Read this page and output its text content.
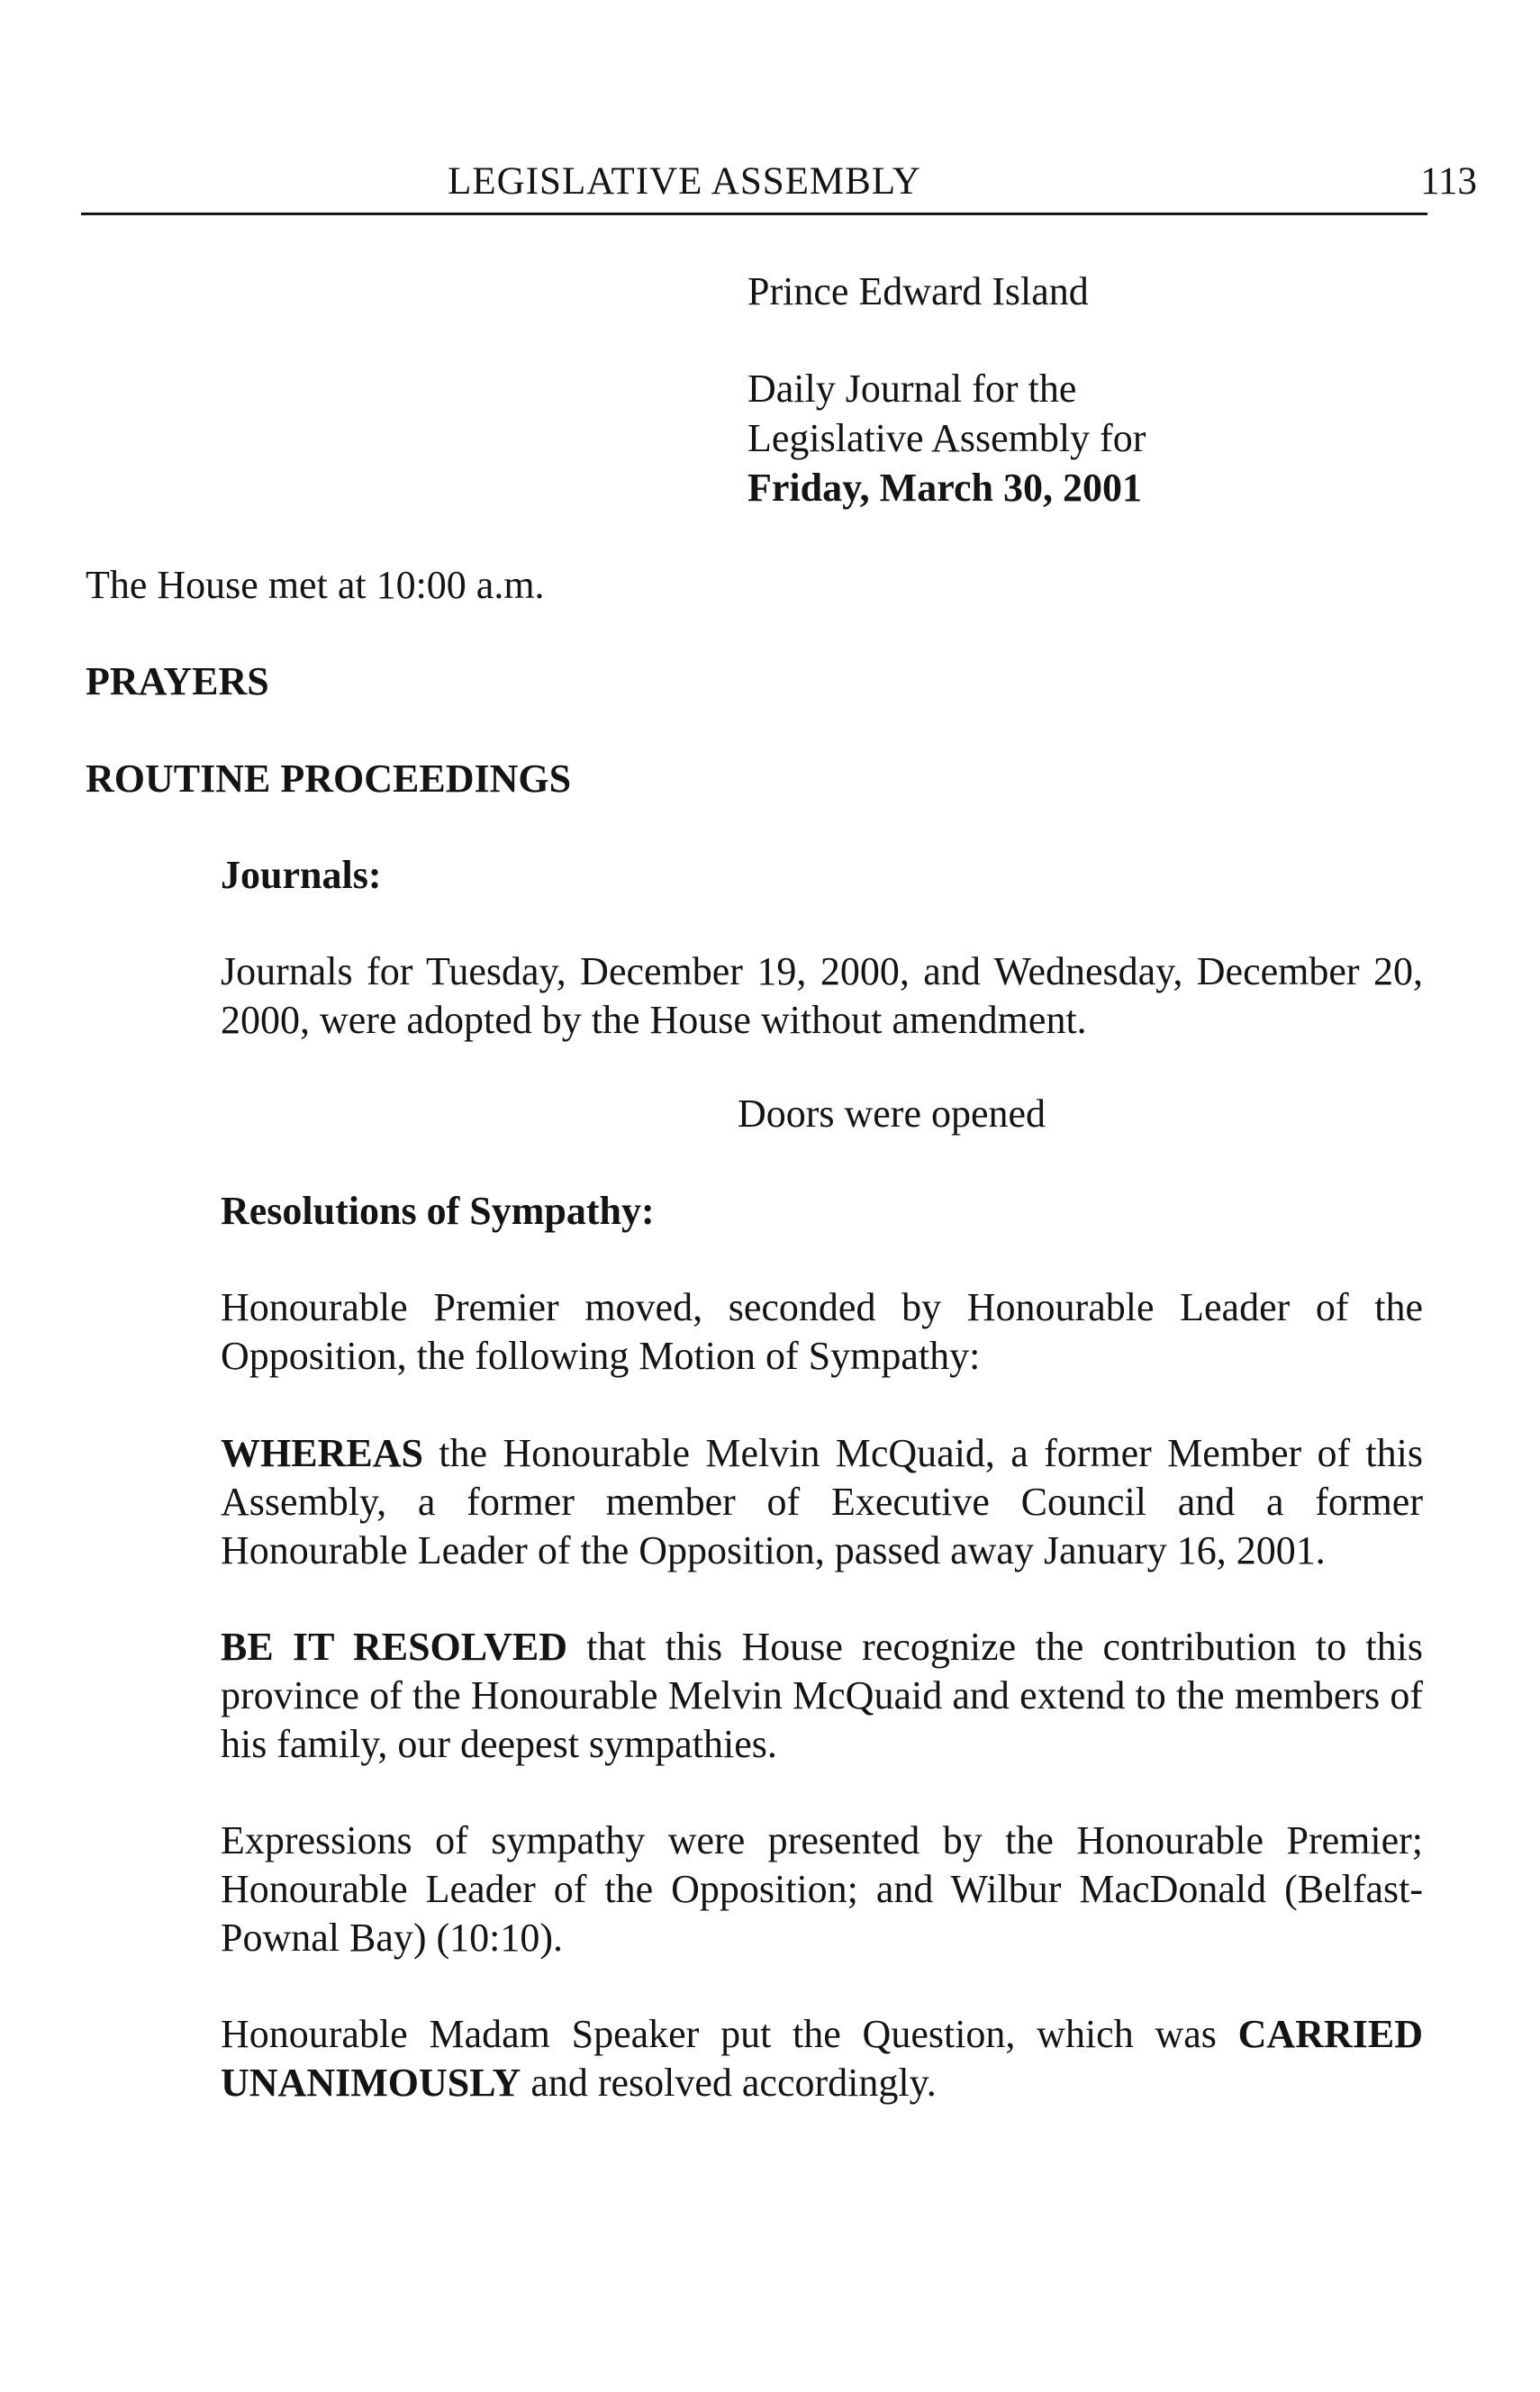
LEGISLATIVE ASSEMBLY	113
Prince Edward Island
Daily Journal for the
Legislative Assembly for
Friday, March 30, 2001
The House met at 10:00 a.m.
PRAYERS
ROUTINE PROCEEDINGS
Journals:
Journals for Tuesday, December 19, 2000, and Wednesday, December 20, 2000, were adopted by the House without amendment.
Doors were opened
Resolutions of Sympathy:
Honourable Premier moved, seconded by Honourable Leader of the Opposition, the following Motion of Sympathy:
WHEREAS the Honourable Melvin McQuaid, a former Member of this Assembly, a former member of Executive Council and a former Honourable Leader of the Opposition, passed away January 16, 2001.
BE IT RESOLVED that this House recognize the contribution to this province of the Honourable Melvin McQuaid and extend to the members of his family, our deepest sympathies.
Expressions of sympathy were presented by the Honourable Premier; Honourable Leader of the Opposition; and Wilbur MacDonald (Belfast-Pownal Bay) (10:10).
Honourable Madam Speaker put the Question, which was CARRIED UNANIMOUSLY and resolved accordingly.
